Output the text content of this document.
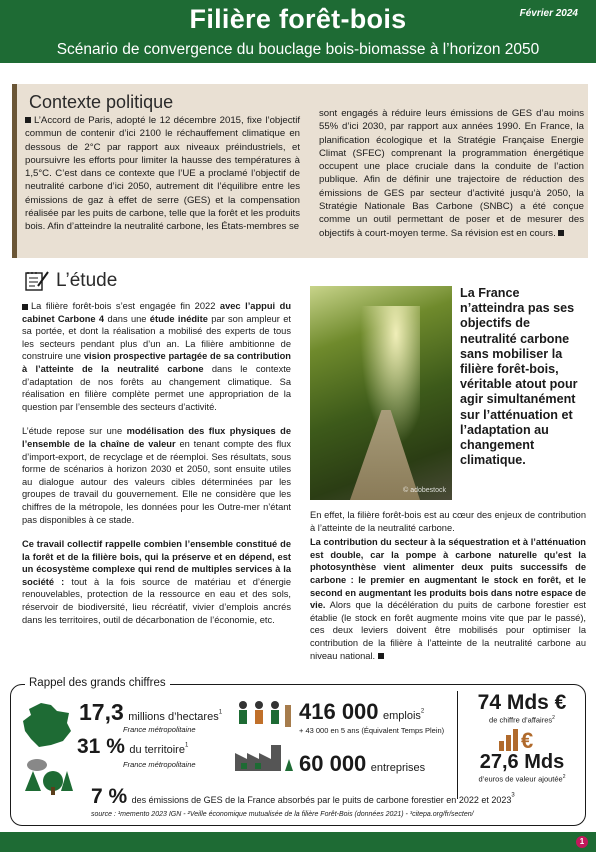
Filière forêt-bois	Février 2024
Scénario de convergence du bouclage bois-biomasse à l’horizon 2050
Contexte politique
L’Accord de Paris, adopté le 12 décembre 2015, fixe l’objectif commun de contenir d’ici 2100 le réchauffement climatique en dessous de 2°C par rapport aux niveaux préindustriels, et poursuivre les efforts pour limiter la hausse des températures à 1,5°C. C’est dans ce contexte que l’UE a proclamé l’objectif de neutralité carbone d’ici 2050, autrement dit l’équilibre entre les émissions de gaz à effet de serre (GES) et la compensation réalisée par les puits de carbone, telle que la forêt et les produits bois. Afin d’atteindre la neutralité carbone, les États-membres se
sont engagés à réduire leurs émissions de GES d’au moins 55% d’ici 2030, par rapport aux années 1990. En France, la planification écologique et la Stratégie Française Energie Climat (SFEC) comprenant la programmation énergétique occupent une place cruciale dans la conduite de l’action publique. Afin de définir une trajectoire de réduction des émissions de GES par secteur d’activité jusqu’à 2050, la Stratégie Nationale Bas Carbone (SNBC) a été conçue comme un outil permettant de poser et de mesurer des objectifs à court-moyen terme. Sa révision est en cours.
L’étude

La filière forêt-bois s’est engagée fin 2022 avec l’appui du cabinet Carbone 4 dans une étude inédite par son ampleur et sa portée, et dont la réalisation a mobilisé des experts de tous les secteurs pendant plus d’un an. La filière ambitionne de construire une vision prospective partagée de sa contribution à l’atteinte de la neutralité carbone dans le contexte d’adaptation de nos forêts au changement climatique. Sa réalisation en filière complète permet une appropriation de la question par l’ensemble des secteurs d’activité.

L’étude repose sur une modélisation des flux physiques de l’ensemble de la chaîne de valeur en tenant compte des flux d’import-export, de recyclage et de réemploi. Ses résultats, sous forme de scénarios à horizon 2030 et 2050, sont ensuite utiles au dialogue autour des valeurs cibles déterminées par les groupes de travail du gouvernement. Elle ne considère que les chiffres de la métropole, les données pour les Outre-mer n’étant pas disponibles à ce stade.

Ce travail collectif rappelle combien l’ensemble constitué de la forêt et de la filière bois, qui la préserve et en dépend, est un écosystème complexe qui rend de multiples services à la société : tout à la fois source de matériau et d’énergie renouvelables, protection de la ressource en eau et des sols, réservoir de biodiversité, lieu récréatif, vivier d’emplois ancrés dans les territoires, outil de décarbonation de l’économie, etc.

© adobestock
La France n’atteindra pas ses objectifs de neutralité carbone sans mobiliser la filière forêt-bois, véritable atout pour agir simultanément sur l’atténuation et l’adaptation au changement climatique.

En effet, la filière forêt-bois est au cœur des enjeux de contribution à l’atteinte de la neutralité carbone.

La contribution du secteur à la séquestration et à l’atténuation est double, car la pompe à carbone naturelle qu’est la photosynthèse vient alimenter deux puits successifs de carbone : le premier en augmentant le stock en forêt, et le second en augmentant les produits bois dans notre espace de vie. Alors que la décélération du puits de carbone forestier est établie (le stock en forêt augmente moins vite que par le passé), ces deux leviers doivent être mobilisés pour optimiser la contribution de la filière à l’atteinte de la neutralité carbone au niveau national.

Rappel des grands chiffres
17,3 millions d’hectares$^1$
France métropolitaine
31 % du territoire$^1$
France métropolitaine
416 000 emplois$^2$
+ 43 000 en 5 ans (Équivalent Temps Plein)
60 000 entreprises
74 Mds €
de chiffre d’affaires$^2$
€
27,6 Mds
d’euros de valeur ajoutée$^2$
7 % des émissions de GES de la France absorbés par le puits de carbone forestier en 2022 et 2023$^3$
source : ¹memento 2023 IGN - ²Veille économique mutualisée de la filière Forêt-Bois (données 2021) - ³citepa.org/fr/secten/
1
